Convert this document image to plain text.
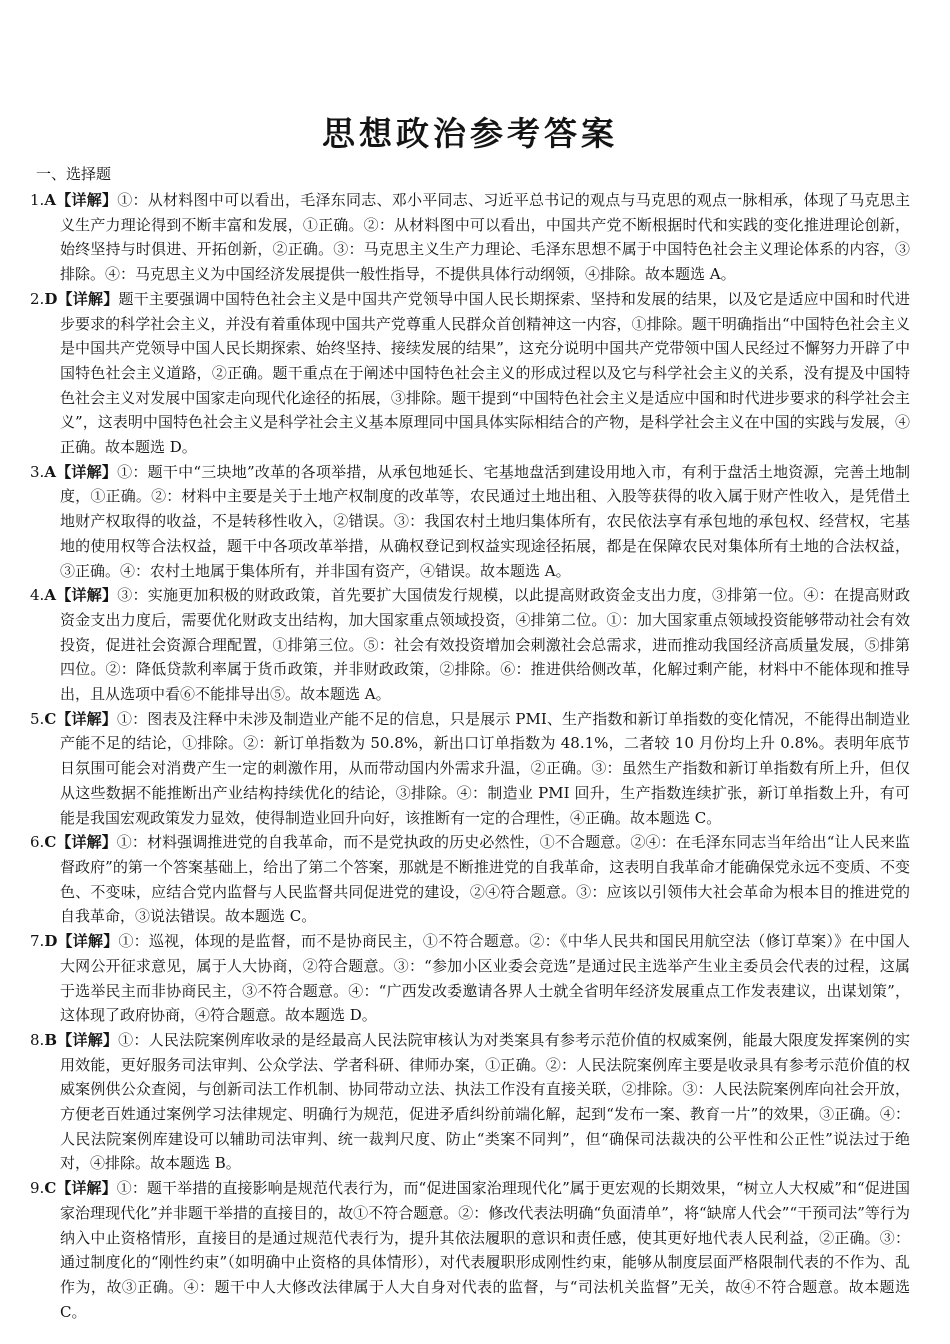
思想政治参考答案
一、选择题
1.A【详解】①：从材料图中可以看出，毛泽东同志、邓小平同志、习近平总书记的观点与马克思的观点一脉相承，体现了马克思主义生产力理论得到不断丰富和发展，①正确。②：从材料图中可以看出，中国共产党不断根据时代和实践的变化推进理论创新，始终坚持与时俱进、开拓创新，②正确。③：马克思主义生产力理论、毛泽东思想不属于中国特色社会主义理论体系的内容，③排除。④：马克思主义为中国经济发展提供一般性指导，不提供具体行动纲领，④排除。故本题选 A。
2.D【详解】题干主要强调中国特色社会主义是中国共产党领导中国人民长期探索、坚持和发展的结果，以及它是适应中国和时代进步要求的科学社会主义，并没有着重体现中国共产党尊重人民群众首创精神这一内容，①排除。题干明确指出“中国特色社会主义是中国共产党领导中国人民长期探索、始终坚持、接续发展的结果”，这充分说明中国共产党带领中国人民经过不懈努力开辟了中国特色社会主义道路，②正确。题干重点在于阐述中国特色社会主义的形成过程以及它与科学社会主义的关系，没有提及中国特色社会主义对发展中国家走向现代化途径的拓展，③排除。题干提到“中国特色社会主义是适应中国和时代进步要求的科学社会主义”，这表明中国特色社会主义是科学社会主义基本原理同中国具体实际相结合的产物，是科学社会主义在中国的实践与发展，④正确。故本题选 D。
3.A【详解】①：题干中“三块地”改革的各项举措，从承包地延长、宅基地盘活到建设用地入市，有利于盘活土地资源，完善土地制度，①正确。②：材料中主要是关于土地产权制度的改革等，农民通过土地出租、入股等获得的收入属于财产性收入，是凭借土地财产权取得的收益，不是转移性收入，②错误。③：我国农村土地归集体所有，农民依法享有承包地的承包权、经营权，宅基地的使用权等合法权益，题干中各项改革举措，从确权登记到权益实现途径拓展，都是在保障农民对集体所有土地的合法权益，③正确。④：农村土地属于集体所有，并非国有资产，④错误。故本题选 A。
4.A【详解】③：实施更加积极的财政政策，首先要扩大国债发行规模，以此提高财政资金支出力度，③排第一位。④：在提高财政资金支出力度后，需要优化财政支出结构，加大国家重点领域投资，④排第二位。①：加大国家重点领域投资能够带动社会有效投资，促进社会资源合理配置，①排第三位。⑤：社会有效投资增加会刺激社会总需求，进而推动我国经济高质量发展，⑤排第四位。②：降低贷款利率属于货币政策，并非财政政策，②排除。⑥：推进供给侧改革，化解过剩产能，材料中不能体现和推导出，且从选项中看⑥不能排导出⑤。故本题选 A。
5.C【详解】①：图表及注释中未涉及制造业产能不足的信息，只是展示 PMI、生产指数和新订单指数的变化情况，不能得出制造业产能不足的结论，①排除。②：新订单指数为 50.8%，新出口订单指数为 48.1%，二者较 10 月份均上升 0.8%。表明年底节日氛围可能会对消费产生一定的刺激作用，从而带动国内外需求升温，②正确。③：虽然生产指数和新订单指数有所上升，但仅从这些数据不能推断出产业结构持续优化的结论，③排除。④：制造业 PMI 回升，生产指数连续扩张，新订单指数上升，有可能是我国宏观政策发力显效，使得制造业回升向好，该推断有一定的合理性，④正确。故本题选 C。
6.C【详解】①：材料强调推进党的自我革命，而不是党执政的历史必然性，①不合题意。②④：在毛泽东同志当年给出“让人民来监督政府”的第一个答案基础上，给出了第二个答案，那就是不断推进党的自我革命，这表明自我革命才能确保党永远不变质、不变色、不变味，应结合党内监督与人民监督共同促进党的建设，②④符合题意。③：应该以引领伟大社会革命为根本目的推进党的自我革命，③说法错误。故本题选 C。
7.D【详解】①：巡视，体现的是监督，而不是协商民主，①不符合题意。②：《中华人民共和国民用航空法（修订草案）》在中国人大网公开征求意见，属于人大协商，②符合题意。③：“参加小区业委会竞选”是通过民主选举产生业主委员会代表的过程，这属于选举民主而非协商民主，③不符合题意。④：“广西发改委邀请各界人士就全省明年经济发展重点工作发表建议，出谋划策”，这体现了政府协商，④符合题意。故本题选 D。
8.B【详解】①：人民法院案例库收录的是经最高人民法院审核认为对类案具有参考示范价值的权威案例，能最大限度发挥案例的实用效能，更好服务司法审判、公众学法、学者科研、律师办案，①正确。②：人民法院案例库主要是收录具有参考示范价值的权威案例供公众查阅，与创新司法工作机制、协同带动立法、执法工作没有直接关联，②排除。③：人民法院案例库向社会开放，方便老百姓通过案例学习法律规定、明确行为规范，促进矛盾纠纷前端化解，起到“发布一案、教育一片”的效果，③正确。④：人民法院案例库建设可以辅助司法审判、统一裁判尺度、防止“类案不同判”，但“确保司法裁决的公平性和公正性”说法过于绝对，④排除。故本题选 B。
9.C【详解】①：题干举措的直接影响是规范代表行为，而“促进国家治理现代化”属于更宏观的长期效果，“树立人大权威”和“促进国家治理现代化”并非题干举措的直接目的，故①不符合题意。②：修改代表法明确“负面清单”，将“缺席人代会”“干预司法”等行为纳入中止资格情形，直接目的是通过规范代表行为，提升其依法履职的意识和责任感，使其更好地代表人民利益，②正确。③：通过制度化的“刚性约束”（如明确中止资格的具体情形），对代表履职形成刚性约束，能够从制度层面严格限制代表的不作为、乱作为，故③正确。④：题干中人大修改法律属于人大自身对代表的监督，与“司法机关监督”无关，故④不符合题意。故本题选 C。
